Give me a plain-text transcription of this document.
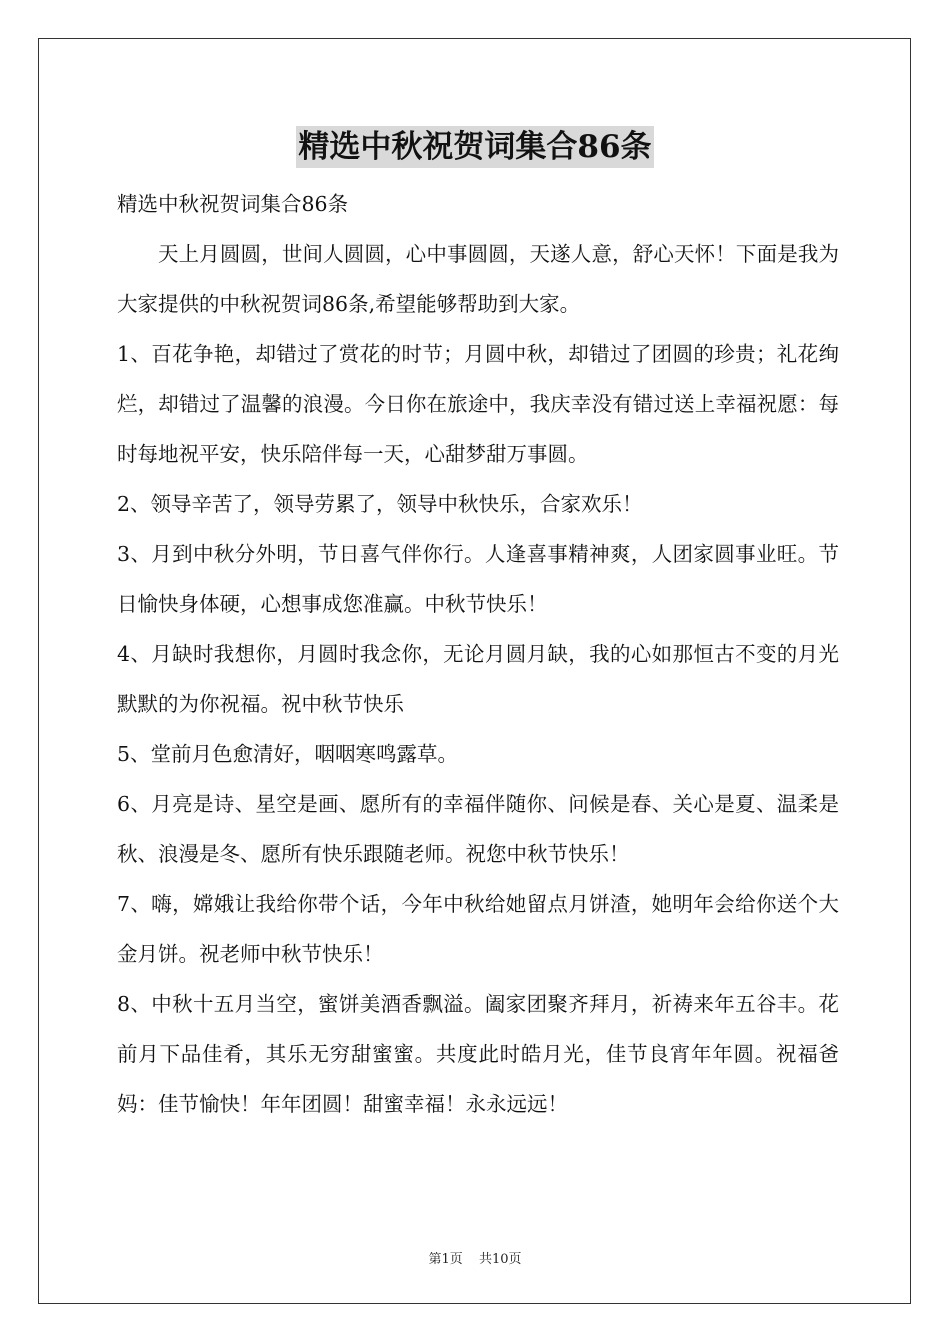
精选中秋祝贺词集合86条

精选中秋祝贺词集合86条

天上月圆圆，世间人圆圆，心中事圆圆，天遂人意，舒心天怀！下面是我为大家提供的中秋祝贺词86条,希望能够帮助到大家。

1、百花争艳，却错过了赏花的时节；月圆中秋，却错过了团圆的珍贵；礼花绚烂，却错过了温馨的浪漫。今日你在旅途中，我庆幸没有错过送上幸福祝愿：每时每地祝平安，快乐陪伴每一天，心甜梦甜万事圆。

2、领导辛苦了，领导劳累了，领导中秋快乐，合家欢乐！

3、月到中秋分外明，节日喜气伴你行。人逢喜事精神爽，人团家圆事业旺。节日愉快身体硬，心想事成您准赢。中秋节快乐！

4、月缺时我想你，月圆时我念你，无论月圆月缺，我的心如那恒古不变的月光默默的为你祝福。祝中秋节快乐

5、堂前月色愈清好，咽咽寒鸣露草。

6、月亮是诗、星空是画、愿所有的幸福伴随你、问候是春、关心是夏、温柔是秋、浪漫是冬、愿所有快乐跟随老师。祝您中秋节快乐！

7、嗨，嫦娥让我给你带个话，今年中秋给她留点月饼渣，她明年会给你送个大金月饼。祝老师中秋节快乐！

8、中秋十五月当空，蜜饼美酒香飘溢。阖家团聚齐拜月，祈祷来年五谷丰。花前月下品佳肴，其乐无穷甜蜜蜜。共度此时皓月光，佳节良宵年年圆。祝福爸妈：佳节愉快！年年团圆！甜蜜幸福！永永远远！

第1页 共10页
